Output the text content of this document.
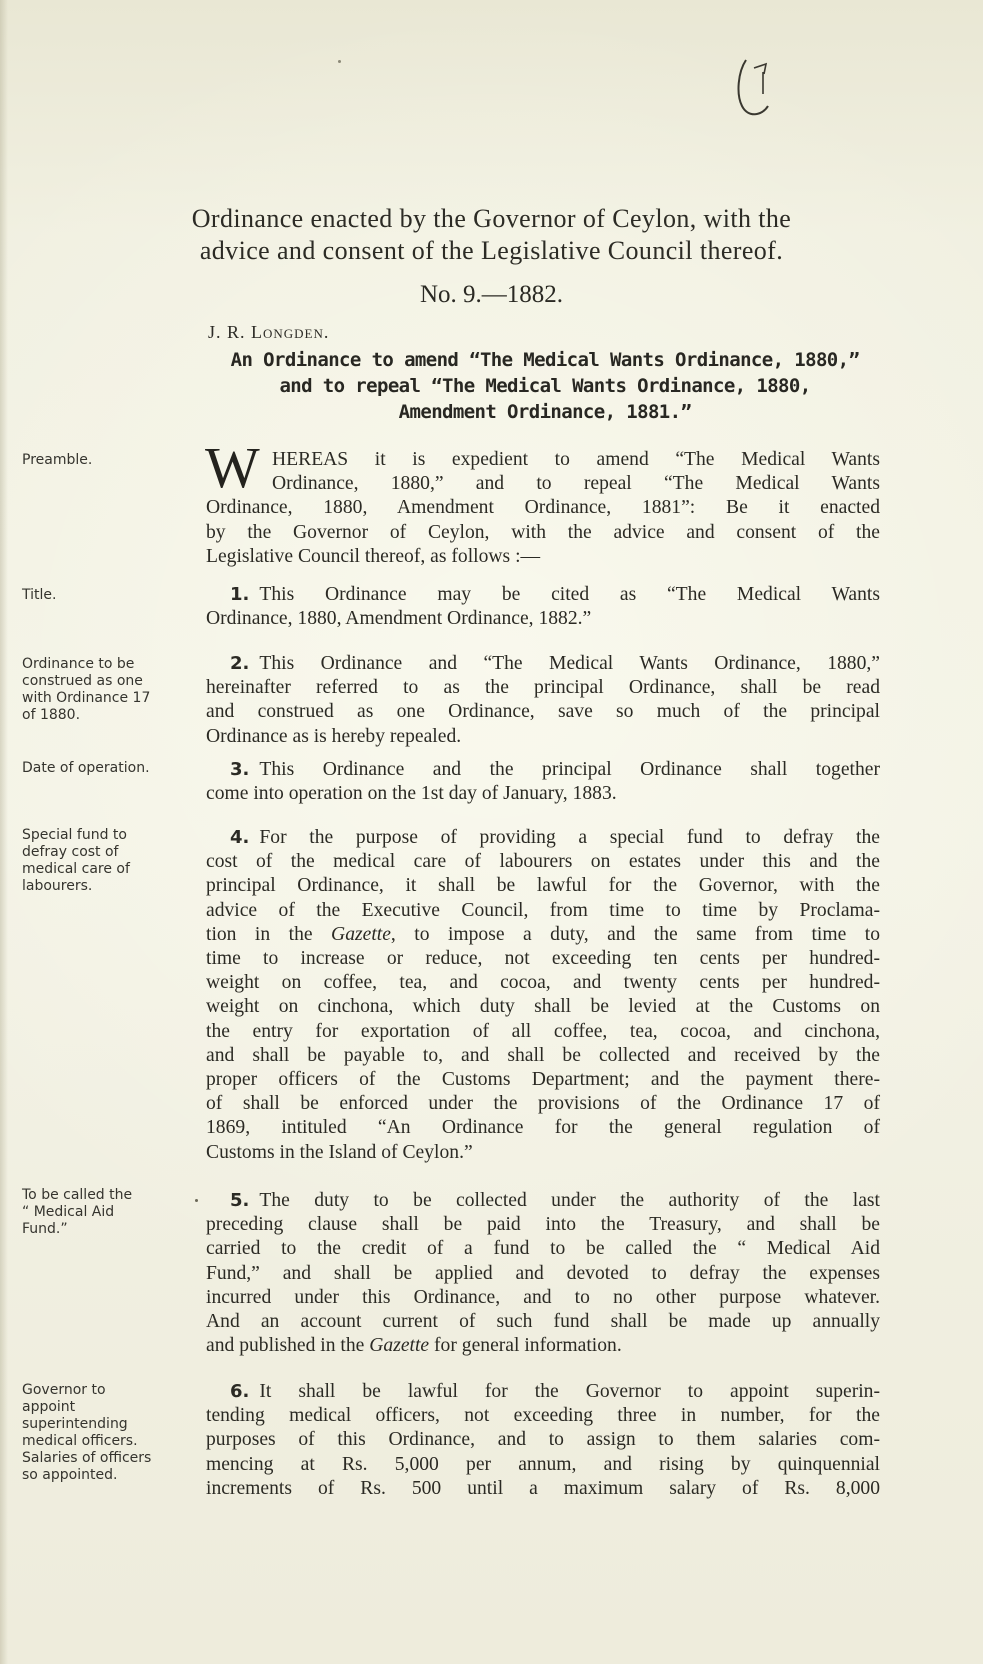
Ordinance enacted by the Governor of Ceylon, with the
advice and consent of the Legislative Council thereof.
No. 9.—1882.
J. R. Longden.
An Ordinance to amend “The Medical Wants Ordinance, 1880,”
and to repeal “The Medical Wants Ordinance, 1880,
Amendment Ordinance, 1881.”
Preamble.
Title.
Ordinance to be
construed as one
with Ordinance 17
of 1880.
Date of operation.
Special fund to
defray cost of
medical care of
labourers.
To be called the
“ Medical Aid
Fund.”
Governor to
appoint
superintending
medical officers.
Salaries of officers
so appointed.
W HEREAS it is expedient to amend “The Medical Wants
Ordinance, 1880,” and to repeal “The Medical Wants
Ordinance, 1880, Amendment Ordinance, 1881”: Be it enacted
by the Governor of Ceylon, with the advice and consent of the
Legislative Council thereof, as follows :—
1. This Ordinance may be cited as “The Medical Wants
Ordinance, 1880, Amendment Ordinance, 1882.”
2. This Ordinance and “The Medical Wants Ordinance, 1880,”
hereinafter referred to as the principal Ordinance, shall be read
and construed as one Ordinance, save so much of the principal
Ordinance as is hereby repealed.
3. This Ordinance and the principal Ordinance shall together
come into operation on the 1st day of January, 1883.
4. For the purpose of providing a special fund to defray the
cost of the medical care of labourers on estates under this and the
principal Ordinance, it shall be lawful for the Governor, with the
advice of the Executive Council, from time to time by Proclama-
tion in the Gazette, to impose a duty, and the same from time to
time to increase or reduce, not exceeding ten cents per hundred-
weight on coffee, tea, and cocoa, and twenty cents per hundred-
weight on cinchona, which duty shall be levied at the Customs on
the entry for exportation of all coffee, tea, cocoa, and cinchona,
and shall be payable to, and shall be collected and received by the
proper officers of the Customs Department; and the payment there-
of shall be enforced under the provisions of the Ordinance 17 of
1869, intituled “An Ordinance for the general regulation of
Customs in the Island of Ceylon.”
5. The duty to be collected under the authority of the last
preceding clause shall be paid into the Treasury, and shall be
carried to the credit of a fund to be called the “ Medical Aid
Fund,” and shall be applied and devoted to defray the expenses
incurred under this Ordinance, and to no other purpose whatever.
And an account current of such fund shall be made up annually
and published in the Gazette for general information.
6. It shall be lawful for the Governor to appoint superin-
tending medical officers, not exceeding three in number, for the
purposes of this Ordinance, and to assign to them salaries com-
mencing at Rs. 5,000 per annum, and rising by quinquennial
increments of Rs. 500 until a maximum salary of Rs. 8,000
